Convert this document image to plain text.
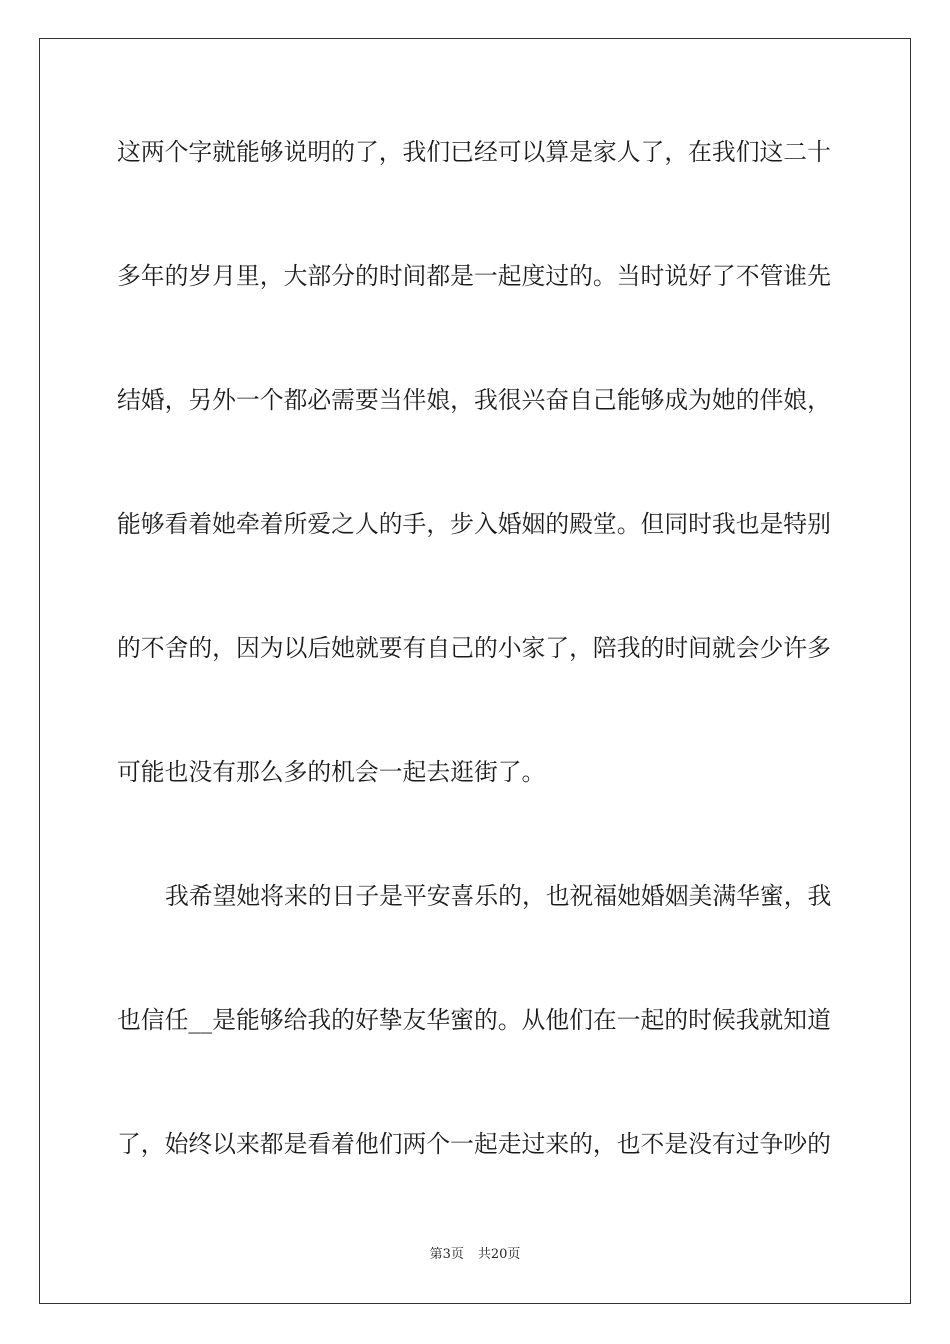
这两个字就能够说明的了，我们已经可以算是家人了，在我们这二十
多年的岁月里，大部分的时间都是一起度过的。当时说好了不管谁先
结婚，另外一个都必需要当伴娘，我很兴奋自己能够成为她的伴娘，
能够看着她牵着所爱之人的手，步入婚姻的殿堂。但同时我也是特别
的不舍的，因为以后她就要有自己的小家了，陪我的时间就会少许多
可能也没有那么多的机会一起去逛街了。
我希望她将来的日子是平安喜乐的，也祝福她婚姻美满华蜜，我
也信任__是能够给我的好挚友华蜜的。从他们在一起的时候我就知道
了，始终以来都是看着他们两个一起走过来的，也不是没有过争吵的
第3页 共20页
